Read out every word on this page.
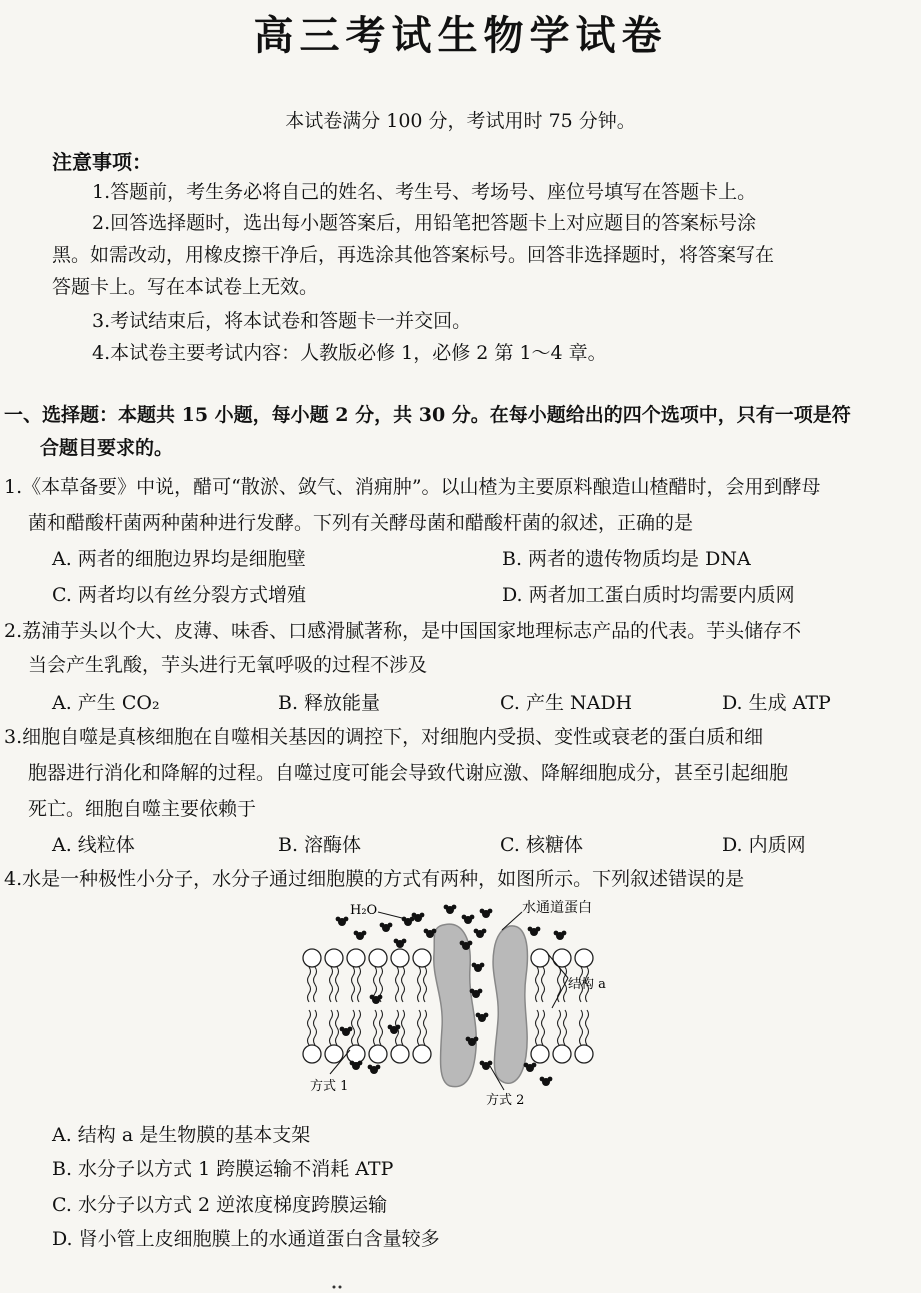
高三考试生物学试卷
本试卷满分 100 分，考试用时 75 分钟。
注意事项：
1.答题前，考生务必将自己的姓名、考生号、考场号、座位号填写在答题卡上。
2.回答选择题时，选出每小题答案后，用铅笔把答题卡上对应题目的答案标号涂
黑。如需改动，用橡皮擦干净后，再选涂其他答案标号。回答非选择题时，将答案写在
答题卡上。写在本试卷上无效。
3.考试结束后，将本试卷和答题卡一并交回。
4.本试卷主要考试内容：人教版必修 1，必修 2 第 1～4 章。
一、选择题：本题共 15 小题，每小题 2 分，共 30 分。在每小题给出的四个选项中，只有一项是符
合题目要求的。
1.《本草备要》中说，醋可“散淤、敛气、消痈肿”。以山楂为主要原料酿造山楂醋时，会用到酵母
菌和醋酸杆菌两种菌种进行发酵。下列有关酵母菌和醋酸杆菌的叙述，正确的是
A. 两者的细胞边界均是细胞壁	B. 两者的遗传物质均是 DNA
C. 两者均以有丝分裂方式增殖	D. 两者加工蛋白质时均需要内质网
2.荔浦芋头以个大、皮薄、味香、口感滑腻著称，是中国国家地理标志产品的代表。芋头储存不
当会产生乳酸，芋头进行无氧呼吸的过程不涉及
A. 产生 CO₂	B. 释放能量	C. 产生 NADH	D. 生成 ATP
3.细胞自噬是真核细胞在自噬相关基因的调控下，对细胞内受损、变性或衰老的蛋白质和细
胞器进行消化和降解的过程。自噬过度可能会导致代谢应激、降解细胞成分，甚至引起细胞
死亡。细胞自噬主要依赖于
A. 线粒体	B. 溶酶体	C. 核糖体	D. 内质网
4.水是一种极性小分子，水分子通过细胞膜的方式有两种，如图所示。下列叙述错误的是
H₂O	水通道蛋白
结构 a
方式 1
方式 2
A. 结构 a 是生物膜的基本支架
B. 水分子以方式 1 跨膜运输不消耗 ATP
C. 水分子以方式 2 逆浓度梯度跨膜运输
D. 肾小管上皮细胞膜上的水通道蛋白含量较多
